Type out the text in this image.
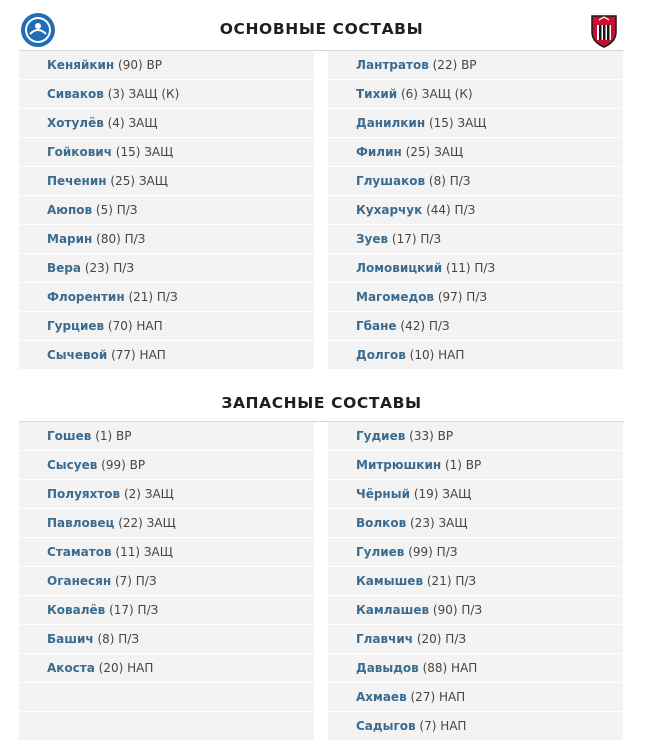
ОСНОВНЫЕ СОСТАВЫ
Кеняйкин (90) ВР
Сиваков (3) ЗАЩ (К)
Хотулёв (4) ЗАЩ
Гойкович (15) ЗАЩ
Печенин (25) ЗАЩ
Аюпов (5) П/З
Марин (80) П/З
Вера (23) П/З
Флорентин (21) П/З
Гурциев (70) НАП
Сычевой (77) НАП
Лантратов (22) ВР
Тихий (6) ЗАЩ (К)
Данилкин (15) ЗАЩ
Филин (25) ЗАЩ
Глушаков (8) П/З
Кухарчук (44) П/З
Зуев (17) П/З
Ломовицкий (11) П/З
Магомедов (97) П/З
Гбане (42) П/З
Долгов (10) НАП
ЗАПАСНЫЕ СОСТАВЫ
Гошев (1) ВР
Сысуев (99) ВР
Полуяхтов (2) ЗАЩ
Павловец (22) ЗАЩ
Стаматов (11) ЗАЩ
Оганесян (7) П/З
Ковалёв (17) П/З
Башич (8) П/З
Акоста (20) НАП
Гудиев (33) ВР
Митрюшкин (1) ВР
Чёрный (19) ЗАЩ
Волков (23) ЗАЩ
Гулиев (99) П/З
Камышев (21) П/З
Камлашев (90) П/З
Главчич (20) П/З
Давыдов (88) НАП
Ахмаев (27) НАП
Садыгов (7) НАП
